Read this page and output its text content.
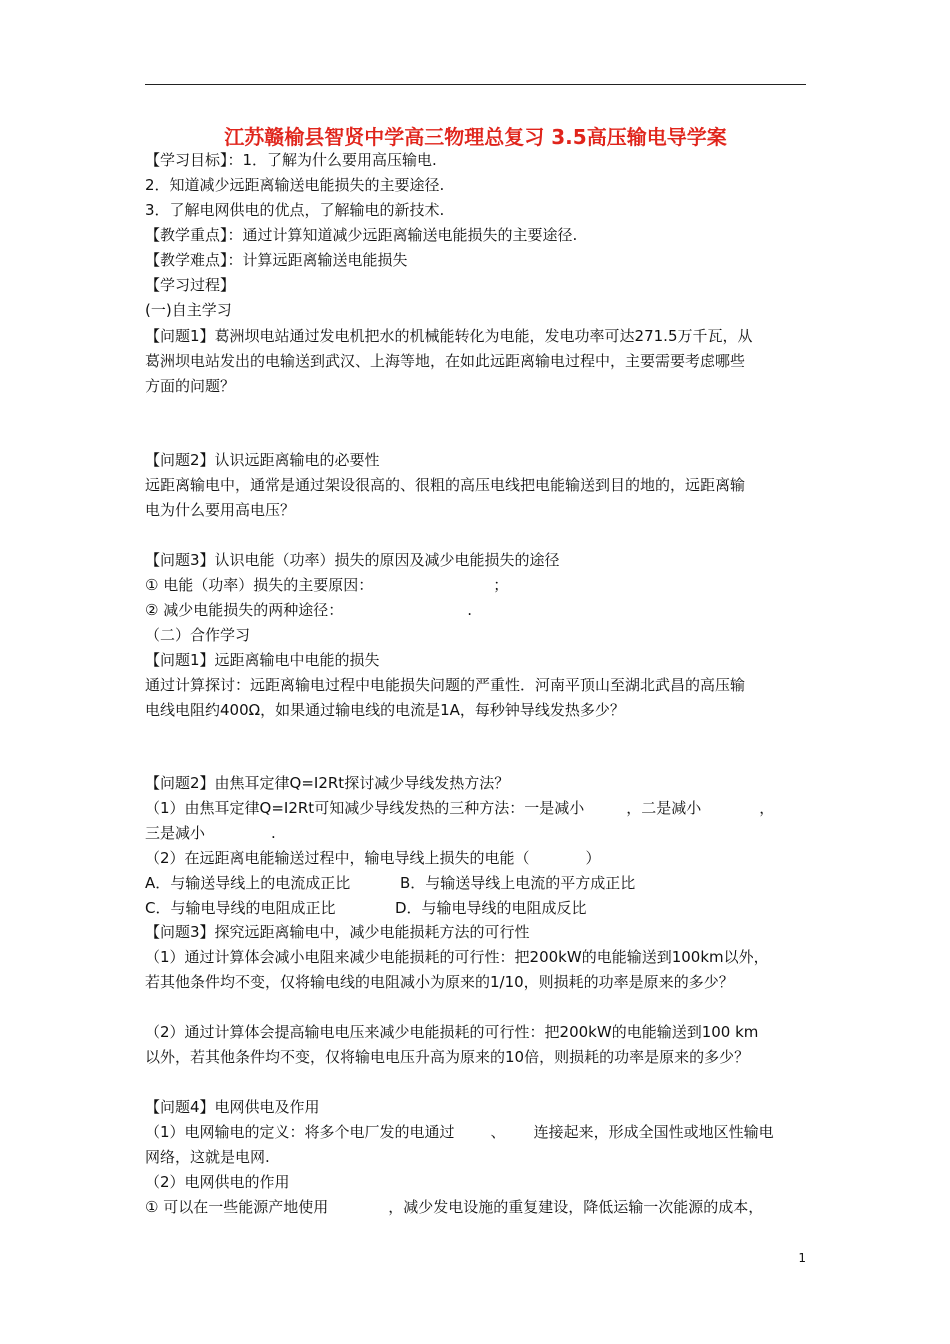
江苏赣榆县智贤中学高三物理总复习 3.5高压输电导学案
【学习目标】：1．了解为什么要用高压输电.
2．知道减少远距离输送电能损失的主要途径.
3．了解电网供电的优点，了解输电的新技术.
【教学重点】：通过计算知道减少远距离输送电能损失的主要途径.
【教学难点】：计算远距离输送电能损失
【学习过程】
(一)自主学习
【问题1】葛洲坝电站通过发电机把水的机械能转化为电能，发电功率可达271.5万千瓦，从
葛洲坝电站发出的电输送到武汉、上海等地，在如此远距离输电过程中，主要需要考虑哪些
方面的问题？
【问题2】认识远距离输电的必要性
远距离输电中，通常是通过架设很高的、很粗的高压电线把电能输送到目的地的，远距离输
电为什么要用高电压？
【问题3】认识电能（功率）损失的原因及减少电能损失的途径
① 电能（功率）损失的主要原因：	；
② 减少电能损失的两种途径：	.
（二）合作学习
【问题1】远距离输电中电能的损失
通过计算探讨：远距离输电过程中电能损失问题的严重性．河南平顶山至湖北武昌的高压输
电线电阻约400Ω，如果通过输电线的电流是1A，每秒钟导线发热多少？
【问题2】由焦耳定律Q=I2Rt探讨减少导线发热方法？
（1）由焦耳定律Q=I2Rt可知减少导线发热的三种方法：一是减小	，二是减小	，
三是减小	.
（2）在远距离电能输送过程中，输电导线上损失的电能（	）
A．与输送导线上的电流成正比	B．与输送导线上电流的平方成正比
C．与输电导线的电阻成正比	D．与输电导线的电阻成反比
【问题3】探究远距离输电中，减少电能损耗方法的可行性
（1）通过计算体会减小电阻来减少电能损耗的可行性：把200kW的电能输送到100km以外，
若其他条件均不变，仅将输电线的电阻减小为原来的1/10，则损耗的功率是原来的多少？
（2）通过计算体会提高输电电压来减少电能损耗的可行性：把200kW的电能输送到100 km
以外，若其他条件均不变，仅将输电电压升高为原来的10倍，则损耗的功率是原来的多少？
【问题4】电网供电及作用
（1）电网输电的定义：将多个电厂发的电通过 、 连接起来，形成全国性或地区性输电
网络，这就是电网.
（2）电网供电的作用
① 可以在一些能源产地使用	，减少发电设施的重复建设，降低运输一次能源的成本，
1
